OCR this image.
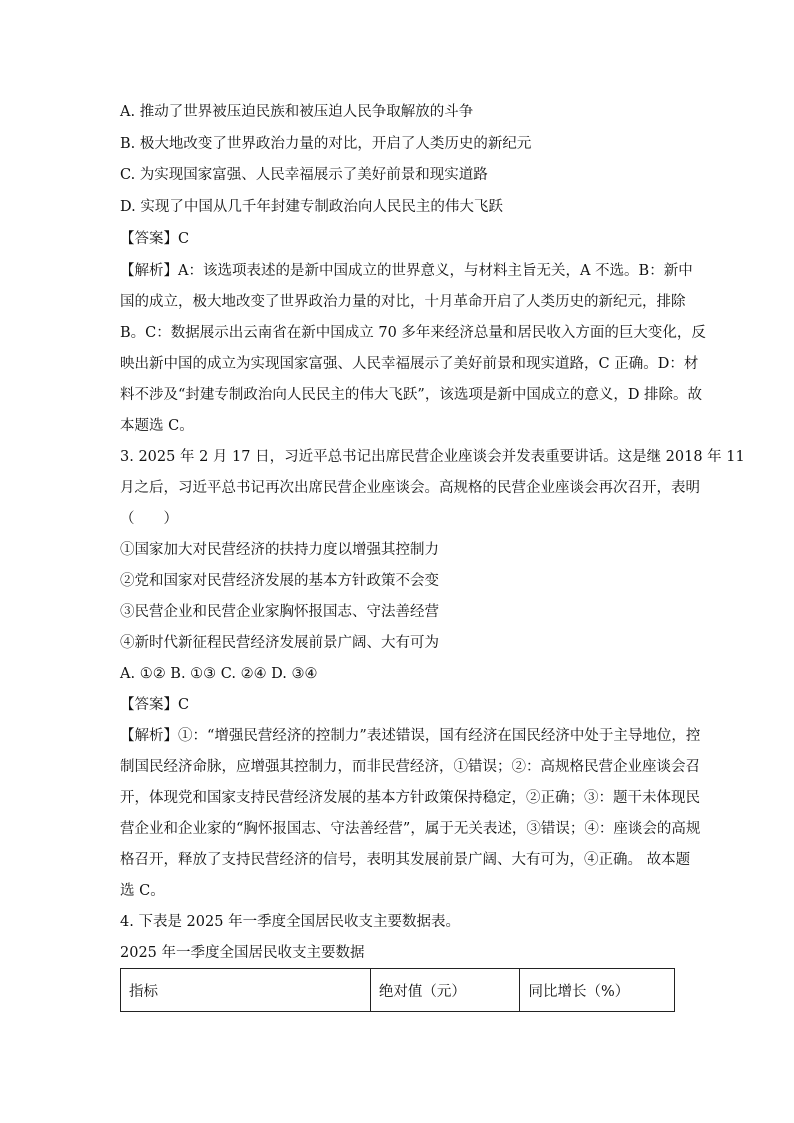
A. 推动了世界被压迫民族和被压迫人民争取解放的斗争
B. 极大地改变了世界政治力量的对比，开启了人类历史的新纪元
C. 为实现国家富强、人民幸福展示了美好前景和现实道路
D. 实现了中国从几千年封建专制政治向人民民主的伟大飞跃
【答案】C
【解析】A：该选项表述的是新中国成立的世界意义，与材料主旨无关，A 不选。B：新中
国的成立，极大地改变了世界政治力量的对比，十月革命开启了人类历史的新纪元，排除
B。C：数据展示出云南省在新中国成立 70 多年来经济总量和居民收入方面的巨大变化，反
映出新中国的成立为实现国家富强、人民幸福展示了美好前景和现实道路，C 正确。D：材
料不涉及“封建专制政治向人民民主的伟大飞跃”，该选项是新中国成立的意义，D 排除。故
本题选 C。
3. 2025 年 2 月 17 日，习近平总书记出席民营企业座谈会并发表重要讲话。这是继 2018 年 11
月之后，习近平总书记再次出席民营企业座谈会。高规格的民营企业座谈会再次召开，表明
（　　）
①国家加大对民营经济的扶持力度以增强其控制力
②党和国家对民营经济发展的基本方针政策不会变
③民营企业和民营企业家胸怀报国志、守法善经营
④新时代新征程民营经济发展前景广阔、大有可为
A. ①② B. ①③ C. ②④ D. ③④
【答案】C
【解析】①：“增强民营经济的控制力”表述错误，国有经济在国民经济中处于主导地位，控
制国民经济命脉，应增强其控制力，而非民营经济，①错误；②：高规格民营企业座谈会召
开，体现党和国家支持民营经济发展的基本方针政策保持稳定，②正确；③：题干未体现民
营企业和企业家的“胸怀报国志、守法善经营”，属于无关表述，③错误；④：座谈会的高规
格召开，释放了支持民营经济的信号，表明其发展前景广阔、大有可为，④正确。 故本题
选 C。
4. 下表是 2025 年一季度全国居民收支主要数据表。
2025 年一季度全国居民收支主要数据
指标	绝对值（元）	同比增长（%）
